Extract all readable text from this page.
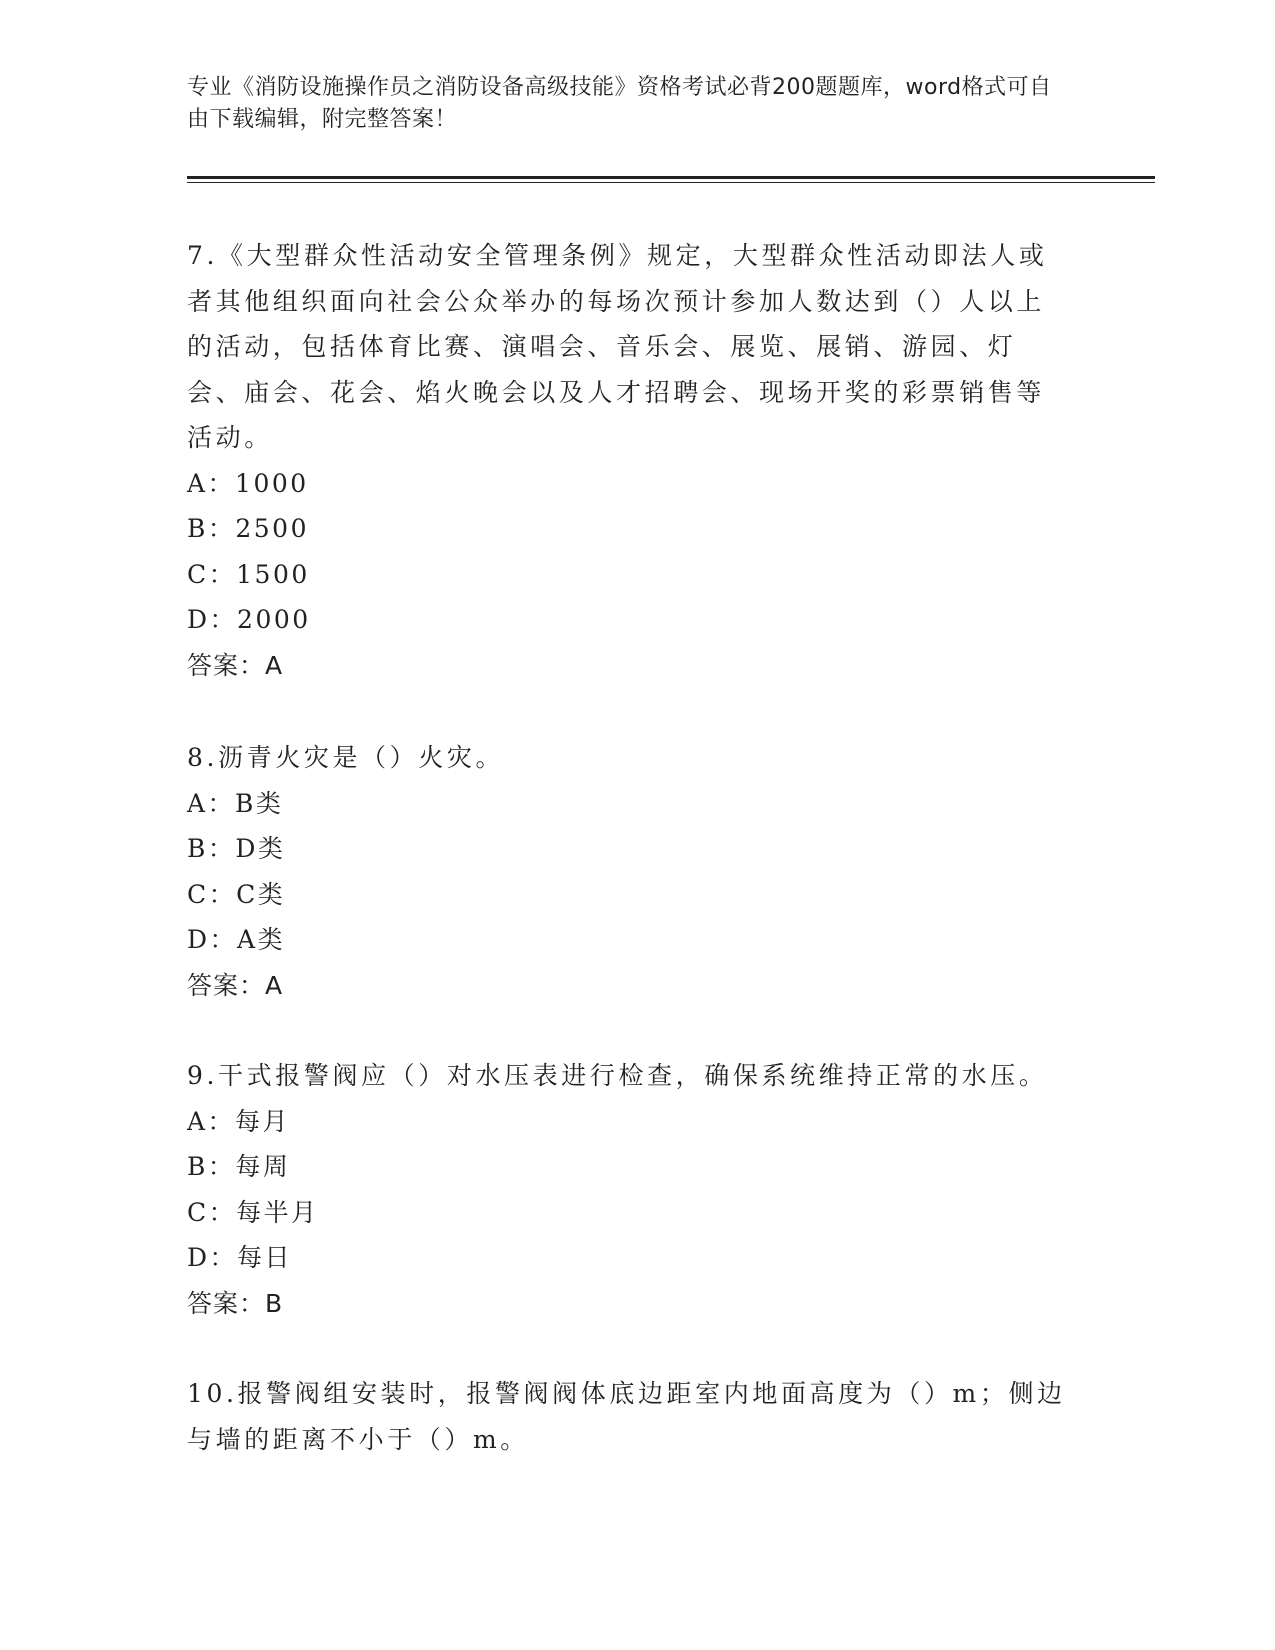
专业《消防设施操作员之消防设备高级技能》资格考试必背200题题库，word格式可自由下载编辑，附完整答案！

7.《大型群众性活动安全管理条例》规定，大型群众性活动即法人或者其他组织面向社会公众举办的每场次预计参加人数达到（）人以上的活动，包括体育比赛、演唱会、音乐会、展览、展销、游园、灯会、庙会、花会、焰火晚会以及人才招聘会、现场开奖的彩票销售等活动。

A：1000

B：2500

C：1500

D：2000

答案：A

8.沥青火灾是（）火灾。

A：B类

B：D类

C：C类

D：A类

答案：A

9.干式报警阀应（）对水压表进行检查，确保系统维持正常的水压。

A：每月

B：每周

C：每半月

D：每日

答案：B

10.报警阀组安装时，报警阀阀体底边距室内地面高度为（）m；侧边与墙的距离不小于（）m。
